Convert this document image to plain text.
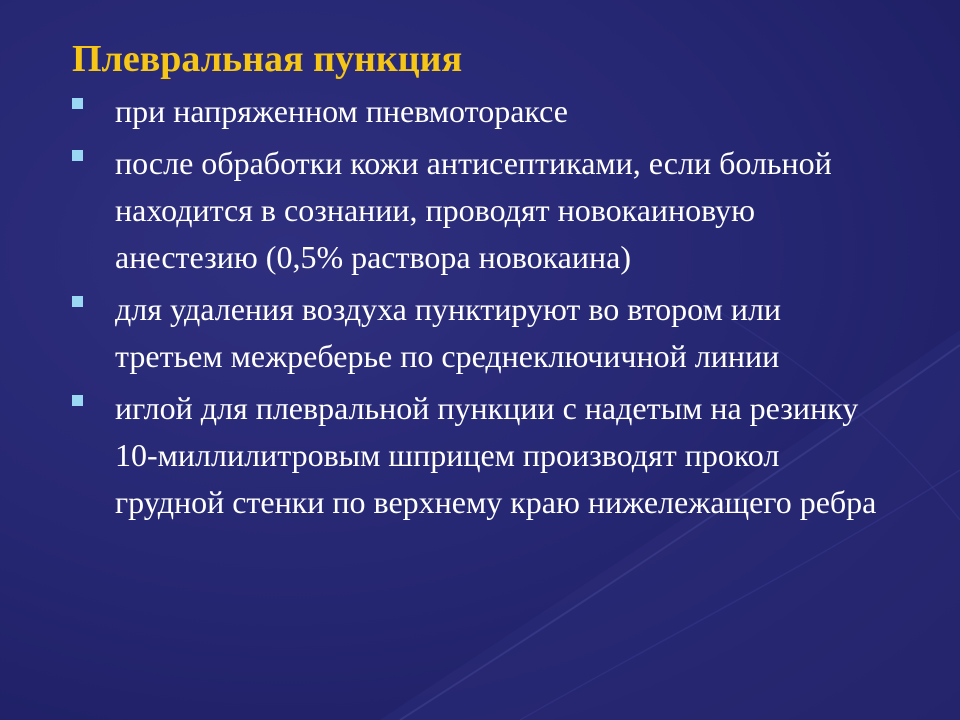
Плевральная пункция
при напряженном пневмотораксе
после обработки кожи антисептиками, если больной находится в сознании, проводят новокаиновую анестезию (0,5% раствора новокаина)
для удаления воздуха пунктируют во втором или третьем межреберье по среднеключичной линии
иглой для плевральной пункции с надетым на резинку 10-миллилитровым шприцем производят прокол грудной стенки по верхнему краю нижележащего ребра
